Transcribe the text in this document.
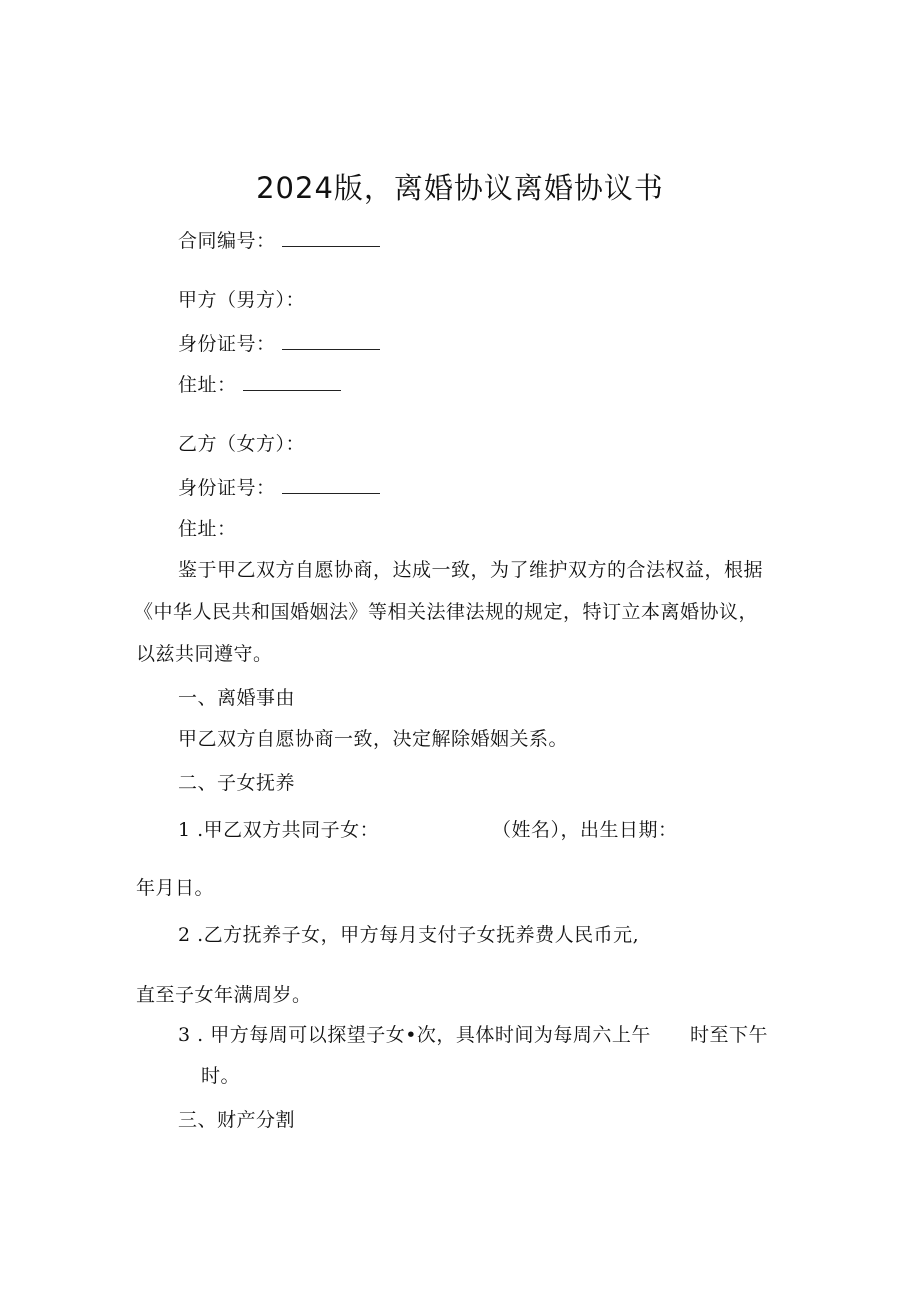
2024版，离婚协议离婚协议书
合同编号：
甲方（男方）：
身份证号：
住址：
乙方（女方）：
身份证号：
住址：
鉴于甲乙双方自愿协商，达成一致，为了维护双方的合法权益，根据
《中华人民共和国婚姻法》等相关法律法规的规定，特订立本离婚协议，
以兹共同遵守。
一、离婚事由
甲乙双方自愿协商一致，决定解除婚姻关系。
二、子女抚养
1 .甲乙双方共同子女：	（姓名），出生日期：
年月日。
2 .乙方抚养子女，甲方每月支付子女抚养费人民币元,
直至子女年满周岁。
3 . 甲方每周可以探望子女•次，具体时间为每周六上午 时至下午
时。
三、财产分割
